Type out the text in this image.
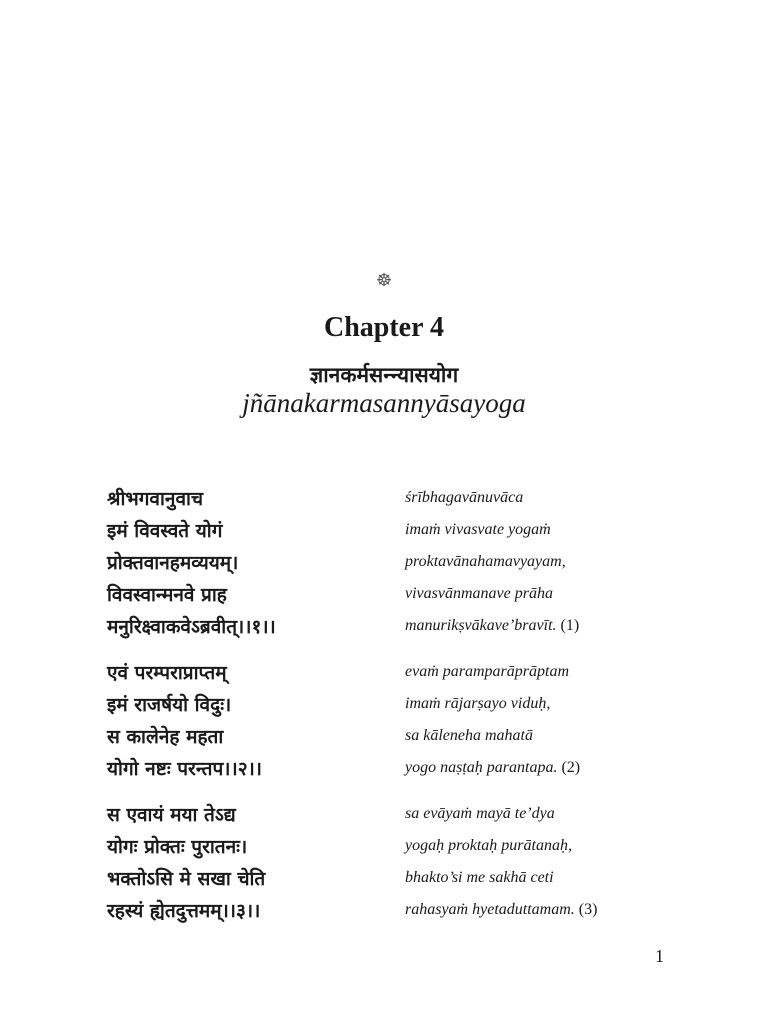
☸
Chapter 4
ज्ञानकर्मसन्न्यासयोग
jñānakarmasannyāsayoga
श्रीभगवानुवाच	śrībhagavānuvāca
इमं विवस्वते योगं	imaṁ vivasvate yogaṁ
प्रोक्तवानहमव्ययम्।	proktavānahamavyayam,
विवस्वान्मनवे प्राह	vivasvānmanave prāha
मनुरिक्ष्वाकवेऽब्रवीत्।।१।।	manurikṣvākave’bravīt. (1)
एवं परम्पराप्राप्तम्	evaṁ paramparāprāptam
इमं राजर्षयो विदुः।	imaṁ rājarṣayo viduḥ,
स कालेनेह महता	sa kāleneha mahatā
योगो नष्टः परन्तप।।२।।	yogo naṣṭaḥ parantapa. (2)
स एवायं मया तेऽद्य	sa evāyaṁ mayā te’dya
योगः प्रोक्तः पुरातनः।	yogaḥ proktaḥ purātanaḥ,
भक्तोऽसि मे सखा चेति	bhakto’si me sakhā ceti
रहस्यं ह्येतदुत्तमम्।।३।।	rahasyaṁ hyetaduttamam. (3)
1
